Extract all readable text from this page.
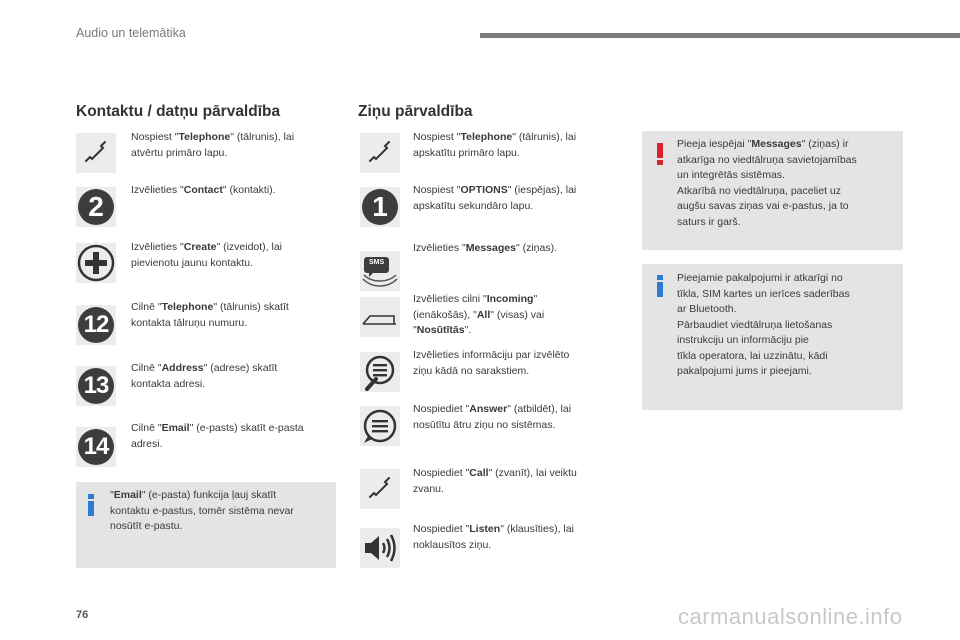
Audio un telemātika
Kontaktu / datņu pārvaldība
Nospiest "Telephone" (tālrunis), lai
atvērtu primāro lapu.
2
Izvēlieties "Contact" (kontakti).
Izvēlieties "Create" (izveidot), lai
pievienotu jaunu kontaktu.
12
Cilnē "Telephone" (tālrunis) skatīt
kontakta tālruņu numuru.
13
Cilnē "Address" (adrese) skatīt
kontakta adresi.
14
Cilnē "Email" (e-pasts) skatīt e-pasta
adresi.
"Email" (e-pasta) funkcija ļauj skatīt
kontaktu e-pastus, tomēr sistēma nevar
nosūtīt e-pastu.
Ziņu pārvaldība
Nospiest "Telephone" (tālrunis), lai
apskatītu primāro lapu.
1
Nospiest "OPTIONS" (iespējas), lai
apskatītu sekundāro lapu.
SMS
Izvēlieties "Messages" (ziņas).
Izvēlieties cilni "Incoming"
(ienākošās), "All" (visas) vai
"Nosūtītās".
Izvēlieties informāciju par izvēlēto
ziņu kādā no sarakstiem.
Nospiediet "Answer" (atbildēt), lai
nosūtītu ātru ziņu no sistēmas.
Nospiediet "Call" (zvanīt), lai veiktu
zvanu.
Nospiediet "Listen" (klausīties), lai
noklausītos ziņu.
Pieeja iespējai "Messages" (ziņas) ir
atkarīga no viedtālruņa savietojamības
un integrētās sistēmas.
Atkarībā no viedtālruņa, paceliet uz
augšu savas ziņas vai e-pastus, ja to
saturs ir garš.
Pieejamie pakalpojumi ir atkarīgi no
tīkla, SIM kartes un ierīces saderības
ar Bluetooth.
Pārbaudiet viedtālruņa lietošanas
instrukciju un informāciju pie
tīkla operatora, lai uzzinātu, kādi
pakalpojumi jums ir pieejami.
76	carmanualsonline.info
